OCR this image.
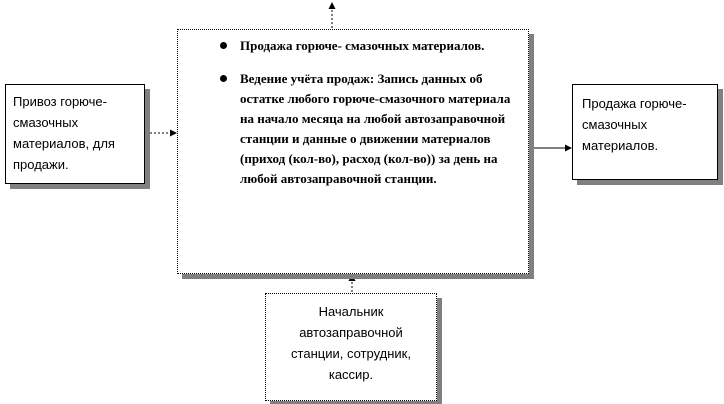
Привоз горюче-смазочных материалов, для продажи.
Продажа горюче- смазочных материалов.
Ведение учёта продаж: Запись данных об остатке любого горюче-смазочного материала на начало месяца на любой автозаправочной станции и данные о движении материалов (приход (кол-во), расход (кол-во)) за день на любой автозаправочной станции.
Продажа горюче-смазочных материалов.
Начальник автозаправочной станции, сотрудник, кассир.
